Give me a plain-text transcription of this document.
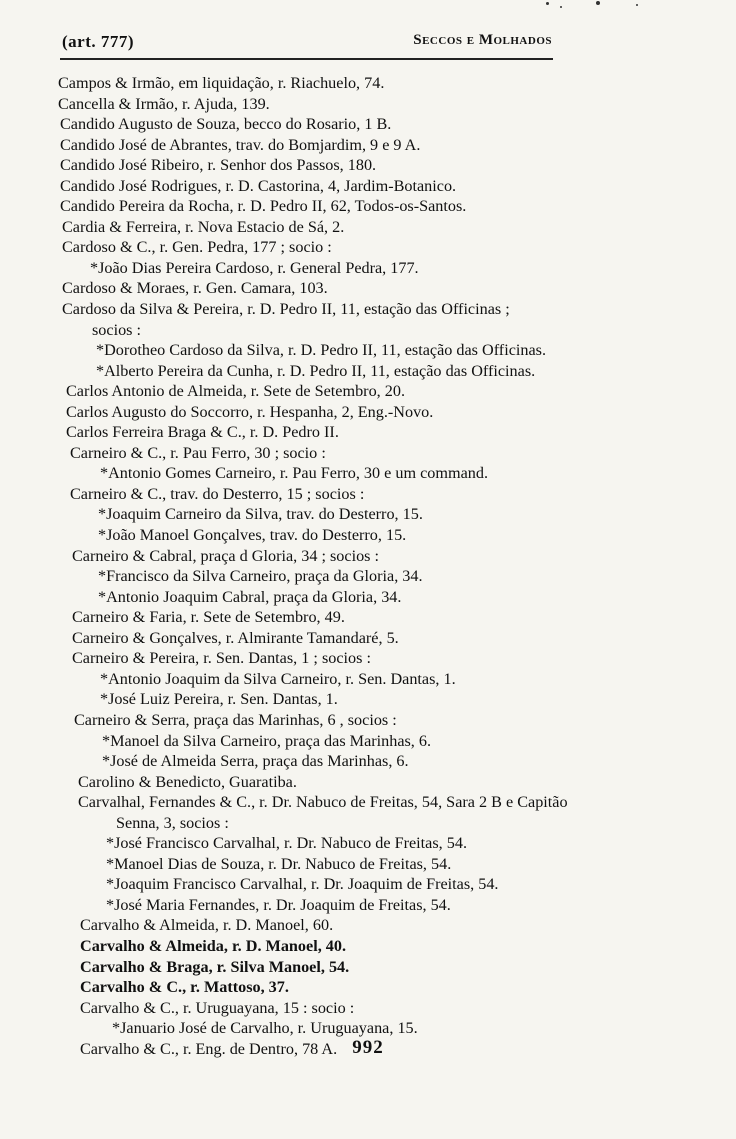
(art. 777)	Seccos e Molhados
Campos & Irmão, em liquidação, r. Riachuelo, 74.
Cancella & Irmão, r. Ajuda, 139.
Candido Augusto de Souza, becco do Rosario, 1 B.
Candido José de Abrantes, trav. do Bomjardim, 9 e 9 A.
Candido José Ribeiro, r. Senhor dos Passos, 180.
Candido José Rodrigues, r. D. Castorina, 4, Jardim-Botanico.
Candido Pereira da Rocha, r. D. Pedro II, 62, Todos-os-Santos.
Cardia & Ferreira, r. Nova Estacio de Sá, 2.
Cardoso & C., r. Gen. Pedra, 177 ; socio :
*João Dias Pereira Cardoso, r. General Pedra, 177.
Cardoso & Moraes, r. Gen. Camara, 103.
Cardoso da Silva & Pereira, r. D. Pedro II, 11, estação das Officinas ;
socios :
*Dorotheo Cardoso da Silva, r. D. Pedro II, 11, estação das Officinas.
*Alberto Pereira da Cunha, r. D. Pedro II, 11, estação das Officinas.
Carlos Antonio de Almeida, r. Sete de Setembro, 20.
Carlos Augusto do Soccorro, r. Hespanha, 2, Eng.-Novo.
Carlos Ferreira Braga & C., r. D. Pedro II.
Carneiro & C., r. Pau Ferro, 30 ; socio :
*Antonio Gomes Carneiro, r. Pau Ferro, 30 e um command.
Carneiro & C., trav. do Desterro, 15 ; socios :
*Joaquim Carneiro da Silva, trav. do Desterro, 15.
*João Manoel Gonçalves, trav. do Desterro, 15.
Carneiro & Cabral, praça d Gloria, 34 ; socios :
*Francisco da Silva Carneiro, praça da Gloria, 34.
*Antonio Joaquim Cabral, praça da Gloria, 34.
Carneiro & Faria, r. Sete de Setembro, 49.
Carneiro & Gonçalves, r. Almirante Tamandaré, 5.
Carneiro & Pereira, r. Sen. Dantas, 1 ; socios :
*Antonio Joaquim da Silva Carneiro, r. Sen. Dantas, 1.
*José Luiz Pereira, r. Sen. Dantas, 1.
Carneiro & Serra, praça das Marinhas, 6 , socios :
*Manoel da Silva Carneiro, praça das Marinhas, 6.
*José de Almeida Serra, praça das Marinhas, 6.
Carolino & Benedicto, Guaratiba.
Carvalhal, Fernandes & C., r. Dr. Nabuco de Freitas, 54, Sara 2 B e Capitão
Senna, 3, socios :
*José Francisco Carvalhal, r. Dr. Nabuco de Freitas, 54.
*Manoel Dias de Souza, r. Dr. Nabuco de Freitas, 54.
*Joaquim Francisco Carvalhal, r. Dr. Joaquim de Freitas, 54.
*José Maria Fernandes, r. Dr. Joaquim de Freitas, 54.
Carvalho & Almeida, r. D. Manoel, 60.
Carvalho & Almeida, r. D. Manoel, 40.
Carvalho & Braga, r. Silva Manoel, 54.
Carvalho & C., r. Mattoso, 37.
Carvalho & C., r. Uruguayana, 15 : socio :
*Januario José de Carvalho, r. Uruguayana, 15.
Carvalho & C., r. Eng. de Dentro, 78 A. 992
